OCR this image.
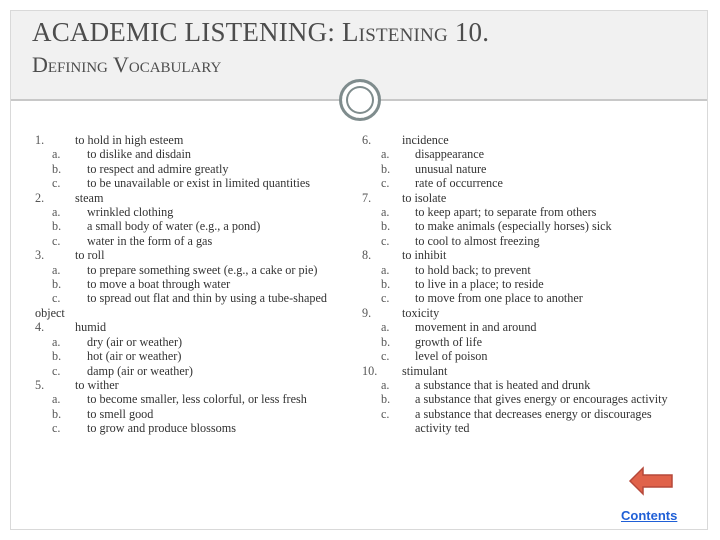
ACADEMIC LISTENING: Listening 10.
Defining Vocabulary
1.	to hold in high esteem
a.	to dislike and disdain
b.	to respect and admire greatly
c.	to be unavailable or exist in limited quantities
2.	steam
a.	wrinkled clothing
b.	a small body of water (e.g., a pond)
c.	water in the form of a gas
3.	to roll
a.	to prepare something sweet (e.g., a cake or pie)
b.	to move a boat through water
c.	to spread out flat and thin by using a tube-shaped
object
4.	humid
a.	dry (air or weather)
b.	hot (air or weather)
c.	damp (air or weather)
5.	to wither
a.	to become smaller, less colorful, or less fresh
b.	to smell good
c.	to grow and produce blossoms
6.	incidence
a.	disappearance
b.	unusual nature
c.	rate of occurrence
7.	to isolate
a.	to keep apart; to separate from others
b.	to make animals (especially horses) sick
c.	to cool to almost freezing
8.	to inhibit
a.	to hold back; to prevent
b.	to live in a place; to reside
c.	to move from one place to another
9.	toxicity
a.	movement in and around
b.	growth of life
c.	level of poison
10. stimulant
a.	a substance that is heated and drunk
b.	a substance that gives energy or encourages activity
c.	a substance that decreases energy or discourages
activity ted
Contents
